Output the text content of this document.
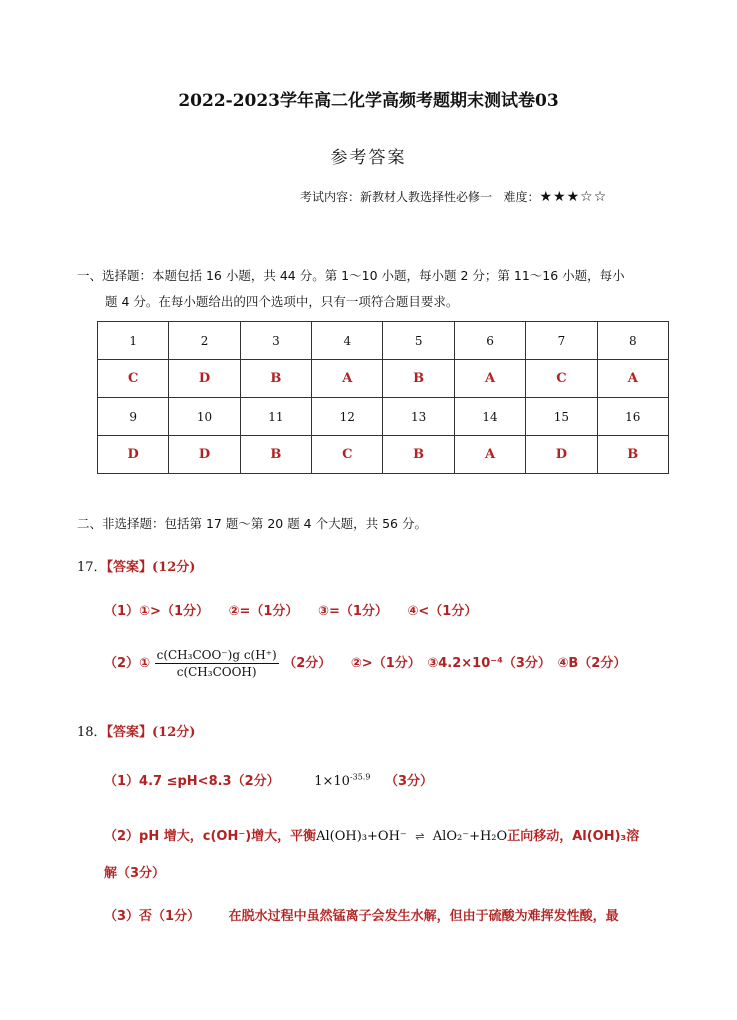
2022-2023学年高二化学高频考题期末测试卷03
参考答案
考试内容：新教材人教选择性必修一 难度：★★★☆☆
一、选择题：本题包括 16 小题，共 44 分。第 1～10 小题，每小题 2 分；第 11～16 小题，每小
题 4 分。在每小题给出的四个选项中，只有一项符合题目要求。
1	2	3	4	5	6	7	8
C	D	B	A	B	A	C	A
9	10	11	12	13	14	15	16
D	D	B	C	B	A	D	B
二、非选择题：包括第 17 题～第 20 题 4 个大题，共 56 分。
17．【答案】(12分)
（1）①>（1分）　　②=（1分）　　③=（1分）　　④<（1分）
（2）① $\frac{\text{c(CH₃COO⁻)g c(H⁺)}}{\text{c(CH₃COOH)}} (2$分）　　②>（1分）　③4.2×10⁻⁴（3分）　④B（2分）
18．【答案】(12分)
（1）4.7 ≤pH<8.3（2分）	$1\times 10^{-35.9}$ （3分）
（2）pH 增大，c(OH⁻)增大，平衡Al(OH)₃+OH⁻ ⇌ AlO₂⁻+H₂O正向移动，Al(OH)₃溶
解（3分）
（3）否（1分） 在脱水过程中虽然锰离子会发生水解，但由于硫酸为难挥发性酸，最
